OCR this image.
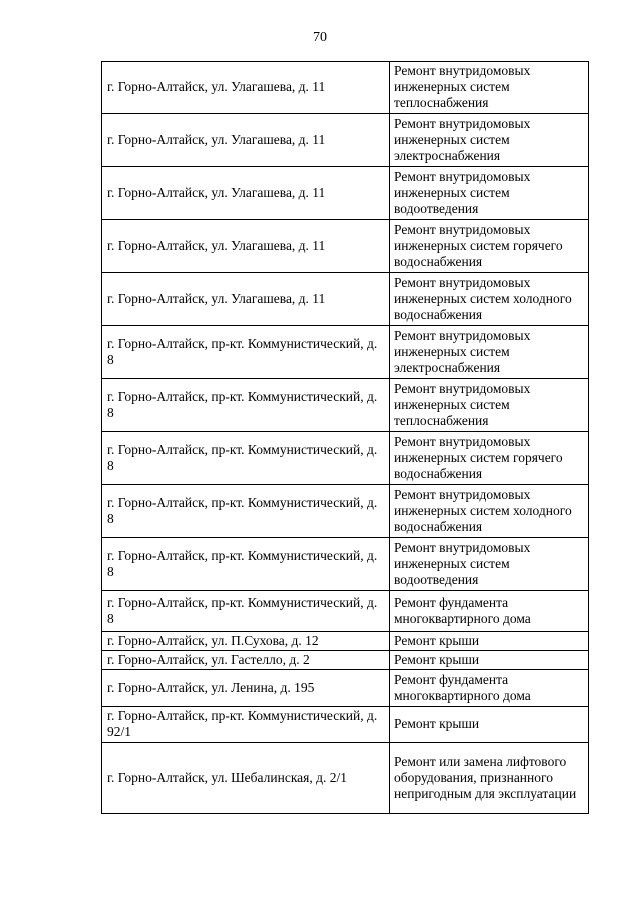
70
г. Горно-Алтайск, ул. Улагашева, д. 11	Ремонт внутридомовых инженерных систем теплоснабжения
г. Горно-Алтайск, ул. Улагашева, д. 11	Ремонт внутридомовых инженерных систем электроснабжения
г. Горно-Алтайск, ул. Улагашева, д. 11	Ремонт внутридомовых инженерных систем водоотведения
г. Горно-Алтайск, ул. Улагашева, д. 11	Ремонт внутридомовых инженерных систем горячего водоснабжения
г. Горно-Алтайск, ул. Улагашева, д. 11	Ремонт внутридомовых инженерных систем холодного водоснабжения
г. Горно-Алтайск, пр-кт. Коммунистический, д. 8	Ремонт внутридомовых инженерных систем электроснабжения
г. Горно-Алтайск, пр-кт. Коммунистический, д. 8	Ремонт внутридомовых инженерных систем теплоснабжения
г. Горно-Алтайск, пр-кт. Коммунистический, д. 8	Ремонт внутридомовых инженерных систем горячего водоснабжения
г. Горно-Алтайск, пр-кт. Коммунистический, д. 8	Ремонт внутридомовых инженерных систем холодного водоснабжения
г. Горно-Алтайск, пр-кт. Коммунистический, д. 8	Ремонт внутридомовых инженерных систем водоотведения
г. Горно-Алтайск, пр-кт. Коммунистический, д. 8	Ремонт фундамента многоквартирного дома
г. Горно-Алтайск, ул. П.Сухова, д. 12	Ремонт крыши
г. Горно-Алтайск, ул. Гастелло, д. 2	Ремонт крыши
г. Горно-Алтайск, ул. Ленина, д. 195	Ремонт фундамента многоквартирного дома
г. Горно-Алтайск, пр-кт. Коммунистический, д. 92/1	Ремонт крыши
г. Горно-Алтайск, ул. Шебалинская, д. 2/1	Ремонт или замена лифтового оборудования, признанного непригодным для эксплуатации
